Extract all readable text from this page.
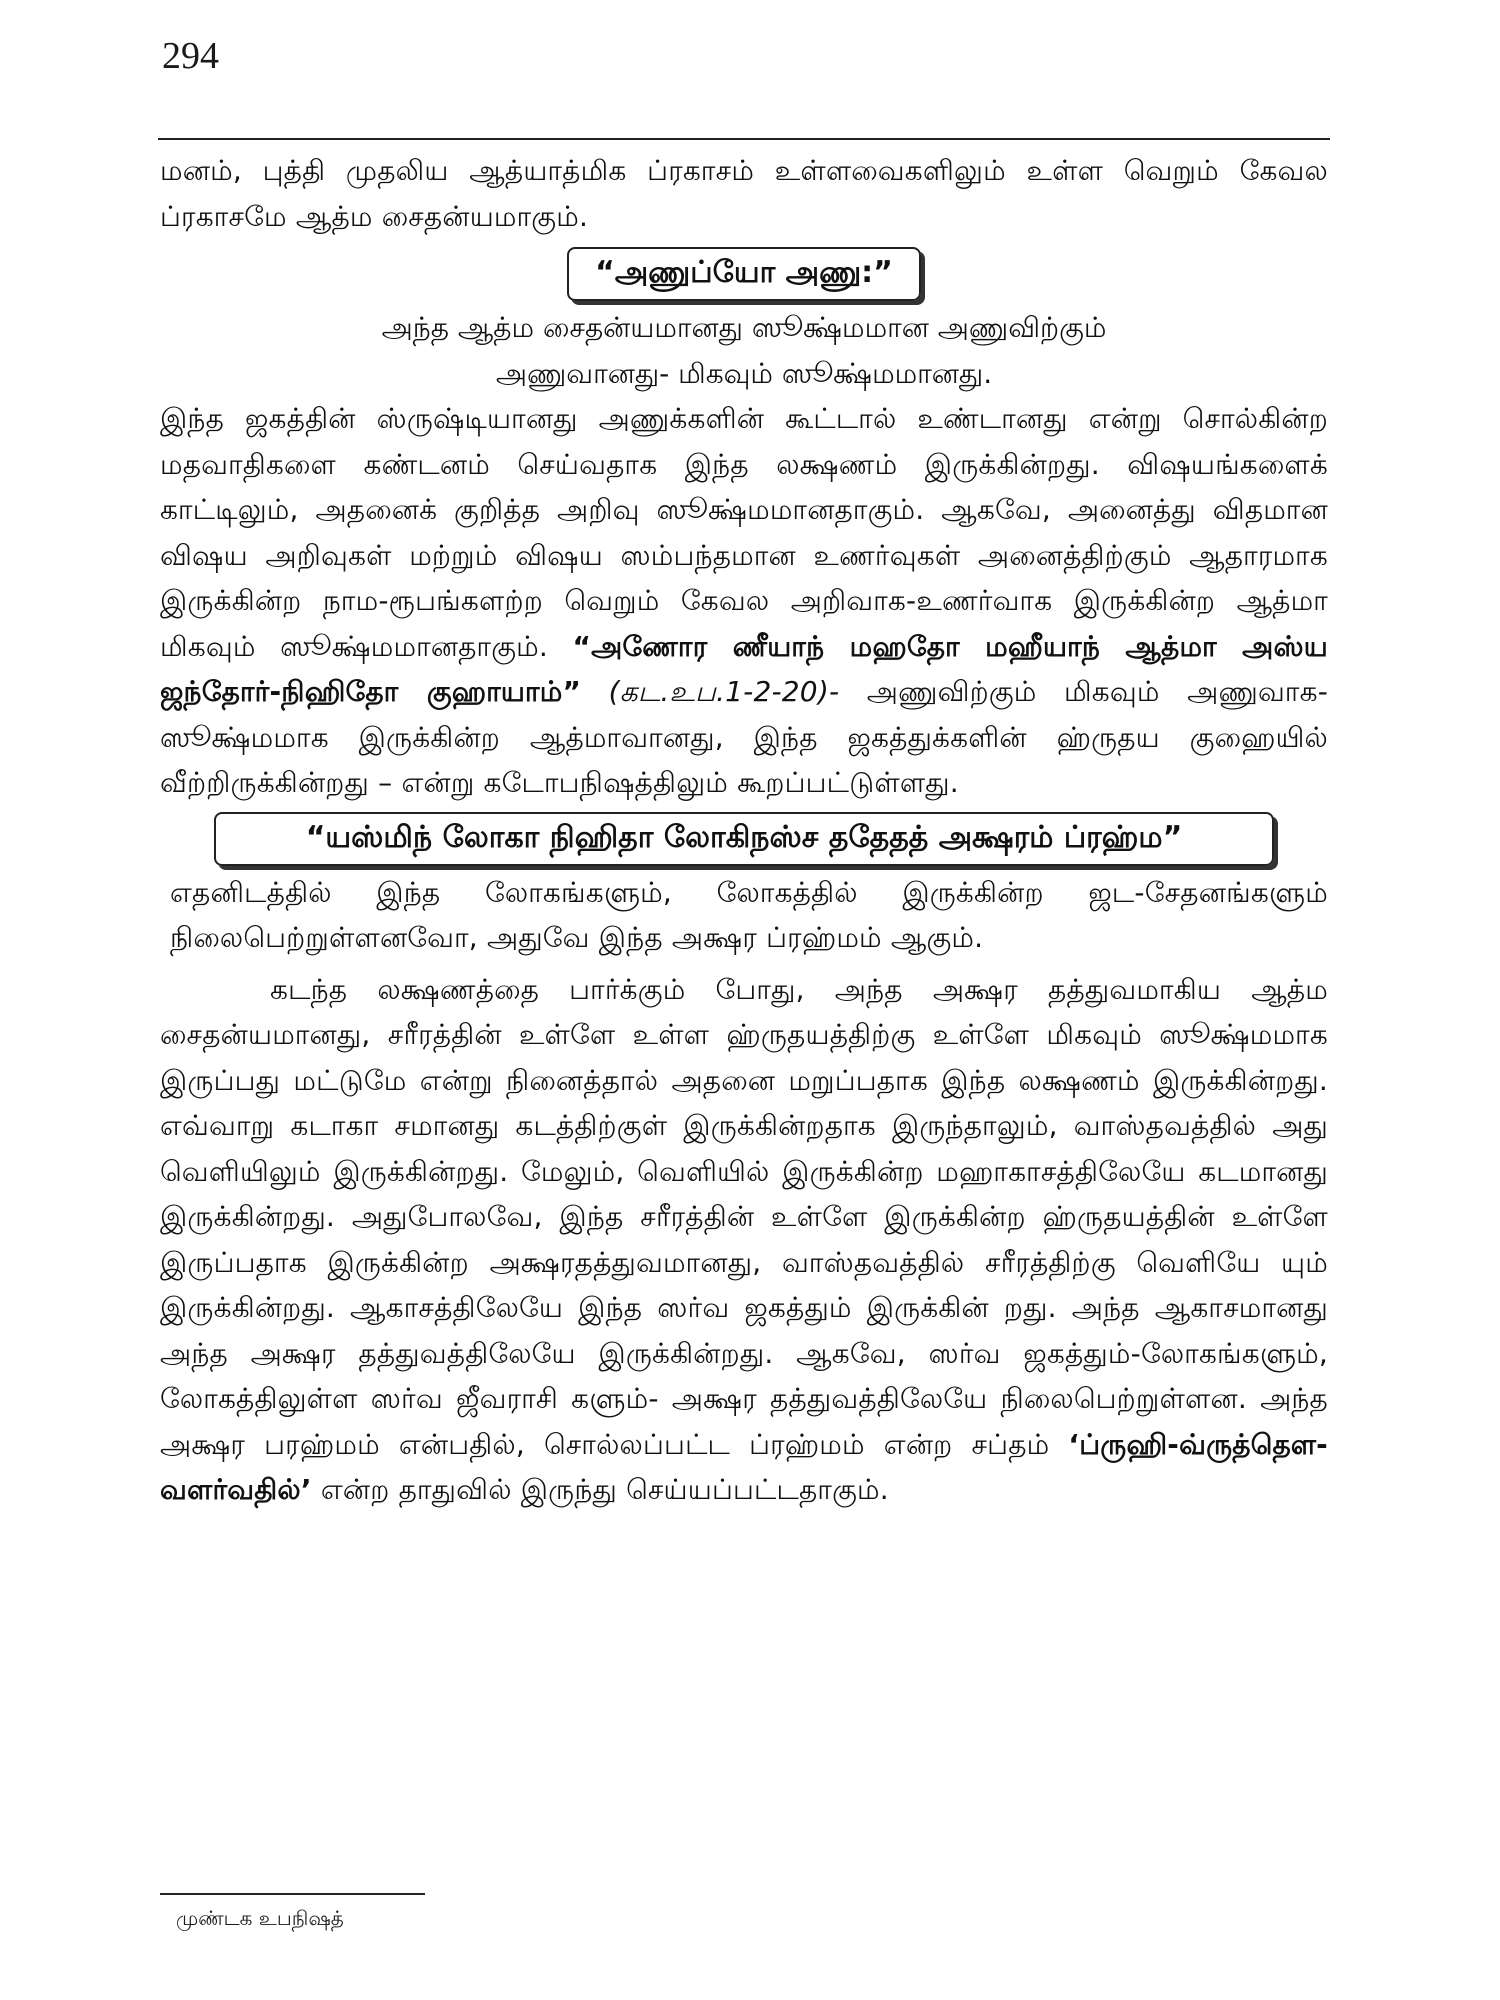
294

மனம், புத்தி முதலிய ஆத்யாத்மிக ப்ரகாசம் உள்ளவைகளிலும் உள்ள வெறும் கேவல ப்ரகாசமே ஆத்ம சைதன்யமாகும்.

“அணுப்யோ அணு:”

அந்த ஆத்ம சைதன்யமானது ஸூக்ஷ்மமான அணுவிற்கும்

அணுவானது- மிகவும் ஸூக்ஷ்மமானது.

இந்த ஜகத்தின் ஸ்ருஷ்டியானது அணுக்களின் கூட்டால் உண்டானது என்று சொல்கின்ற மதவாதிகளை கண்டனம் செய்வதாக இந்த லக்ஷணம் இருக்கின்றது. விஷயங்களைக் காட்டிலும், அதனைக் குறித்த அறிவு ஸூக்ஷ்மமானதாகும். ஆகவே, அனைத்து விதமான விஷய அறிவுகள் மற்றும் விஷய ஸம்பந்தமான உணர்வுகள் அனைத்திற்கும் ஆதாரமாக இருக்கின்ற நாம-ரூபங்களற்ற வெறும் கேவல அறிவாக-உணர்வாக இருக்கின்ற ஆத்மா மிகவும் ஸூக்ஷ்மமானதாகும். “அணோர ணீயாந் மஹதோ மஹீயாந் ஆத்மா அஸ்ய ஜந்தோர்-நிஹிதோ குஹாயாம்” (கட.உப.1-2-20)- அணுவிற்கும் மிகவும் அணுவாக- ஸூக்ஷ்மமாக இருக்கின்ற ஆத்மாவானது, இந்த ஜகத்துக்களின் ஹ்ருதய குஹையில் வீற்றிருக்கின்றது – என்று கடோபநிஷத்திலும் கூறப்பட்டுள்ளது.

“யஸ்மிந் லோகா நிஹிதா லோகிநஸ்ச ததேதத் அக்ஷரம் ப்ரஹ்ம”

எதனிடத்தில் இந்த லோகங்களும், லோகத்தில் இருக்கின்ற ஜட-சேதனங்களும் நிலைபெற்றுள்ளனவோ, அதுவே இந்த அக்ஷர ப்ரஹ்மம் ஆகும்.

கடந்த லக்ஷணத்தை பார்க்கும் போது, அந்த அக்ஷர தத்துவமாகிய ஆத்ம சைதன்யமானது, சரீரத்தின் உள்ளே உள்ள ஹ்ருதயத்திற்கு உள்ளே மிகவும் ஸூக்ஷ்மமாக இருப்பது மட்டுமே என்று நினைத்தால் அதனை மறுப்பதாக இந்த லக்ஷணம் இருக்கின்றது. எவ்வாறு கடாகா சமானது கடத்திற்குள் இருக்கின்றதாக இருந்தாலும், வாஸ்தவத்தில் அது வெளியிலும் இருக்கின்றது. மேலும், வெளியில் இருக்கின்ற மஹாகாசத்திலேயே கடமானது இருக்கின்றது. அதுபோலவே, இந்த சரீரத்தின் உள்ளே இருக்கின்ற ஹ்ருதயத்தின் உள்ளே இருப்பதாக இருக்கின்ற அக்ஷரதத்துவமானது, வாஸ்தவத்தில் சரீரத்திற்கு வெளியே யும் இருக்கின்றது. ஆகாசத்திலேயே இந்த ஸர்வ ஜகத்தும் இருக்கின் றது. அந்த ஆகாசமானது அந்த அக்ஷர தத்துவத்திலேயே இருக்கின்றது. ஆகவே, ஸர்வ ஜகத்தும்-லோகங்களும், லோகத்திலுள்ள ஸர்வ ஜீவராசி களும்- அக்ஷர தத்துவத்திலேயே நிலைபெற்றுள்ளன. அந்த அக்ஷர பரஹ்மம் என்பதில், சொல்லப்பட்ட ப்ரஹ்மம் என்ற சப்தம் ‘ப்ருஹி-வ்ருத்தௌ-வளர்வதில்’ என்ற தாதுவில் இருந்து செய்யப்பட்டதாகும்.

முண்டக உபநிஷத்
